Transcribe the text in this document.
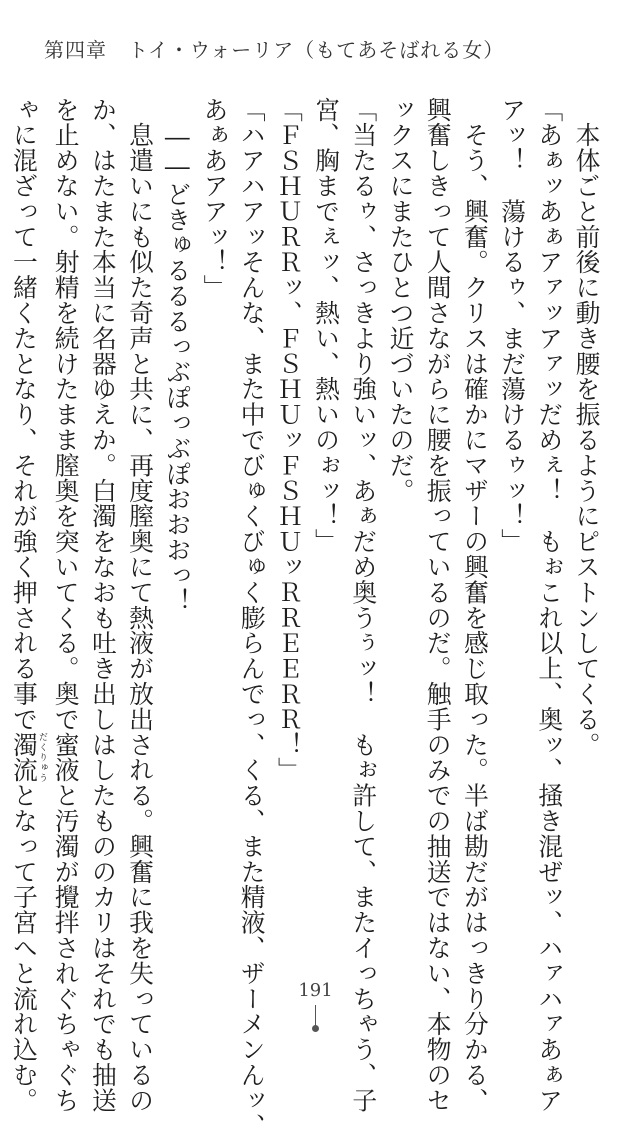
第四章　トイ・ウォーリア（もてあそばれる女）
　本体ごと前後に動き腰を振るようにピストンしてくる。
「あぁッあぁアァッアァッだめぇ！　もぉこれ以上、奥ッ、掻き混ぜッ、ハァハァあぁア
アッ！　蕩けるゥ、まだ蕩けるゥッ！」
　そう、興奮。クリスは確かにマザーの興奮を感じ取った。半ば勘だがはっきり分かる、
興奮しきって人間さながらに腰を振っているのだ。触手のみでの抽送ではない、本物のセ
ックスにまたひとつ近づいたのだ。
「当たるゥ、さっきより強いッ、あぁだめ奥うぅッ！　もぉ許して、またイっちゃう、子
宮、胸までぇッ、熱い、熱いのぉッ！」
「ＦＳＨＵＲＲッ、ＦＳＨＵッＦＳＨＵッＲＲＥＥＲＲ！」
「ハアハアッそんな、また中でびゅくびゅく膨らんでっ、くる、また精液、ザーメンんッ、
あぁあアアッ！」
　――どきゅるるるっぶぽっぶぽおおおっ！
　息遣いにも似た奇声と共に、再度膣奥にて熱液が放出される。興奮に我を失っているの
か、はたまた本当に名器ゆえか。白濁をなおも吐き出しはしたもののカリはそれでも抽送
を止めない。射精を続けたまま膣奥を突いてくる。奥で蜜液と汚濁が攪拌されぐちゃぐち
ゃに混ざって一緒くたとなり、それが強く押される事で濁流だくりゅうとなって子宮へと流れ込む。	191
